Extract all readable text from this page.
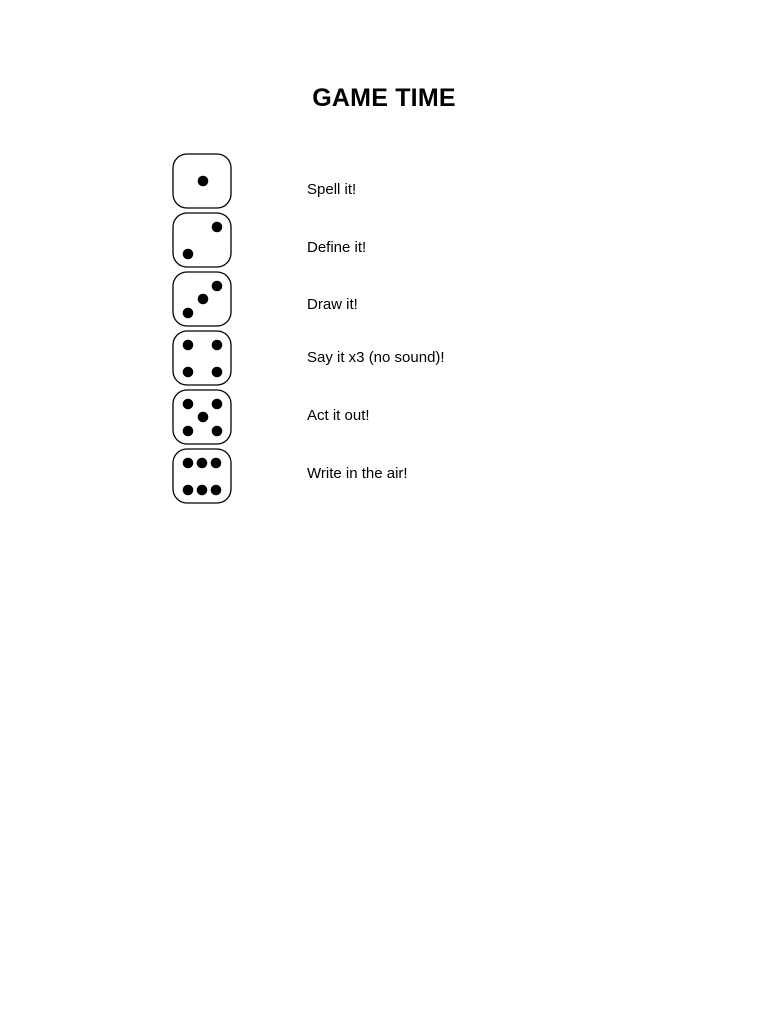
GAME TIME
Spell it!
Define it!
Draw it!
Say it x3 (no sound)!
Act it out!
Write in the air!
